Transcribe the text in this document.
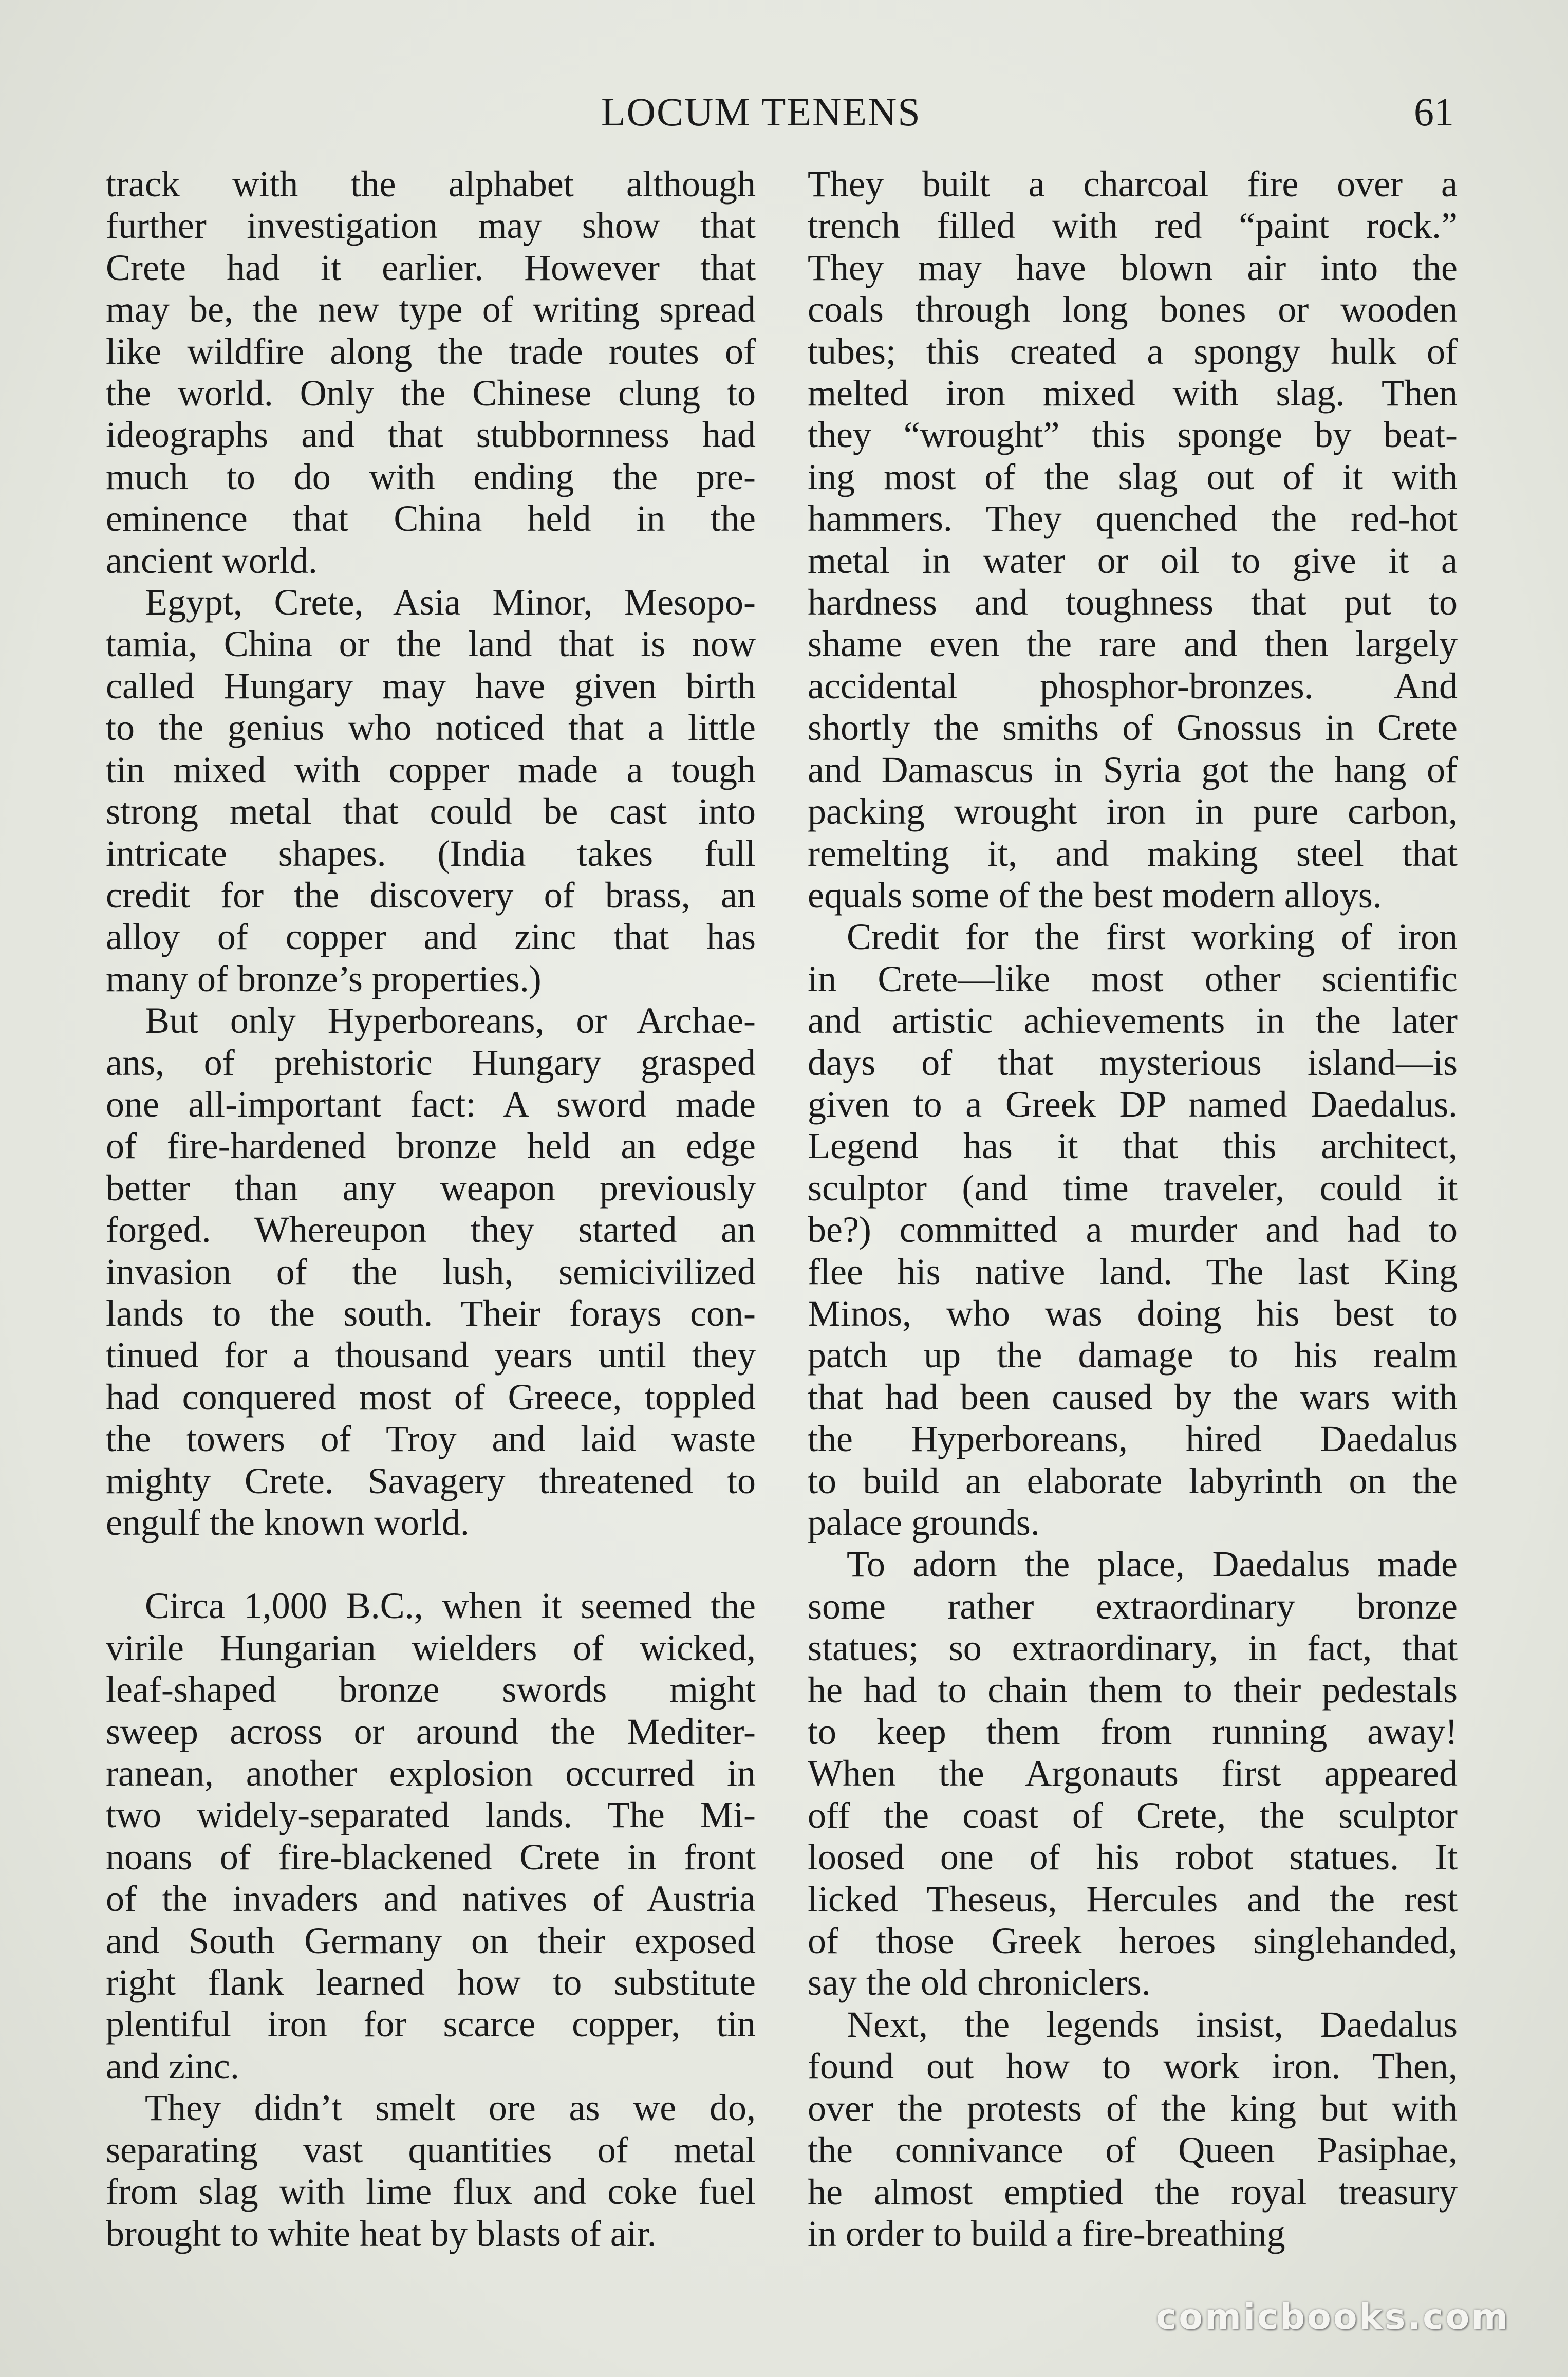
LOCUM TENENS	61
track with the alphabet although
further investigation may show that
Crete had it earlier. However that
may be, the new type of writing spread
like wildfire along the trade routes of
the world. Only the Chinese clung to
ideographs and that stubbornness had
much to do with ending the pre-
eminence that China held in the
ancient world.
Egypt, Crete, Asia Minor, Mesopo-
tamia, China or the land that is now
called Hungary may have given birth
to the genius who noticed that a little
tin mixed with copper made a tough
strong metal that could be cast into
intricate shapes. (India takes full
credit for the discovery of brass, an
alloy of copper and zinc that has
many of bronze’s properties.)
But only Hyperboreans, or Archae-
ans, of prehistoric Hungary grasped
one all-important fact: A sword made
of fire-hardened bronze held an edge
better than any weapon previously
forged. Whereupon they started an
invasion of the lush, semicivilized
lands to the south. Their forays con-
tinued for a thousand years until they
had conquered most of Greece, toppled
the towers of Troy and laid waste
mighty Crete. Savagery threatened to
engulf the known world.
Circa 1,000 B.C., when it seemed the
virile Hungarian wielders of wicked,
leaf-shaped bronze swords might
sweep across or around the Mediter-
ranean, another explosion occurred in
two widely-separated lands. The Mi-
noans of fire-blackened Crete in front
of the invaders and natives of Austria
and South Germany on their exposed
right flank learned how to substitute
plentiful iron for scarce copper, tin
and zinc.
They didn’t smelt ore as we do,
separating vast quantities of metal
from slag with lime flux and coke fuel
brought to white heat by blasts of air.
They built a charcoal fire over a
trench filled with red “paint rock.”
They may have blown air into the
coals through long bones or wooden
tubes; this created a spongy hulk of
melted iron mixed with slag. Then
they “wrought” this sponge by beat-
ing most of the slag out of it with
hammers. They quenched the red-hot
metal in water or oil to give it a
hardness and toughness that put to
shame even the rare and then largely
accidental phosphor-bronzes. And
shortly the smiths of Gnossus in Crete
and Damascus in Syria got the hang of
packing wrought iron in pure carbon,
remelting it, and making steel that
equals some of the best modern alloys.
Credit for the first working of iron
in Crete—like most other scientific
and artistic achievements in the later
days of that mysterious island—is
given to a Greek DP named Daedalus.
Legend has it that this architect,
sculptor (and time traveler, could it
be?) committed a murder and had to
flee his native land. The last King
Minos, who was doing his best to
patch up the damage to his realm
that had been caused by the wars with
the Hyperboreans, hired Daedalus
to build an elaborate labyrinth on the
palace grounds.
To adorn the place, Daedalus made
some rather extraordinary bronze
statues; so extraordinary, in fact, that
he had to chain them to their pedestals
to keep them from running away!
When the Argonauts first appeared
off the coast of Crete, the sculptor
loosed one of his robot statues. It
licked Theseus, Hercules and the rest
of those Greek heroes singlehanded,
say the old chroniclers.
Next, the legends insist, Daedalus
found out how to work iron. Then,
over the protests of the king but with
the connivance of Queen Pasiphae,
he almost emptied the royal treasury
in order to build a fire-breathing
comicbooks.com
